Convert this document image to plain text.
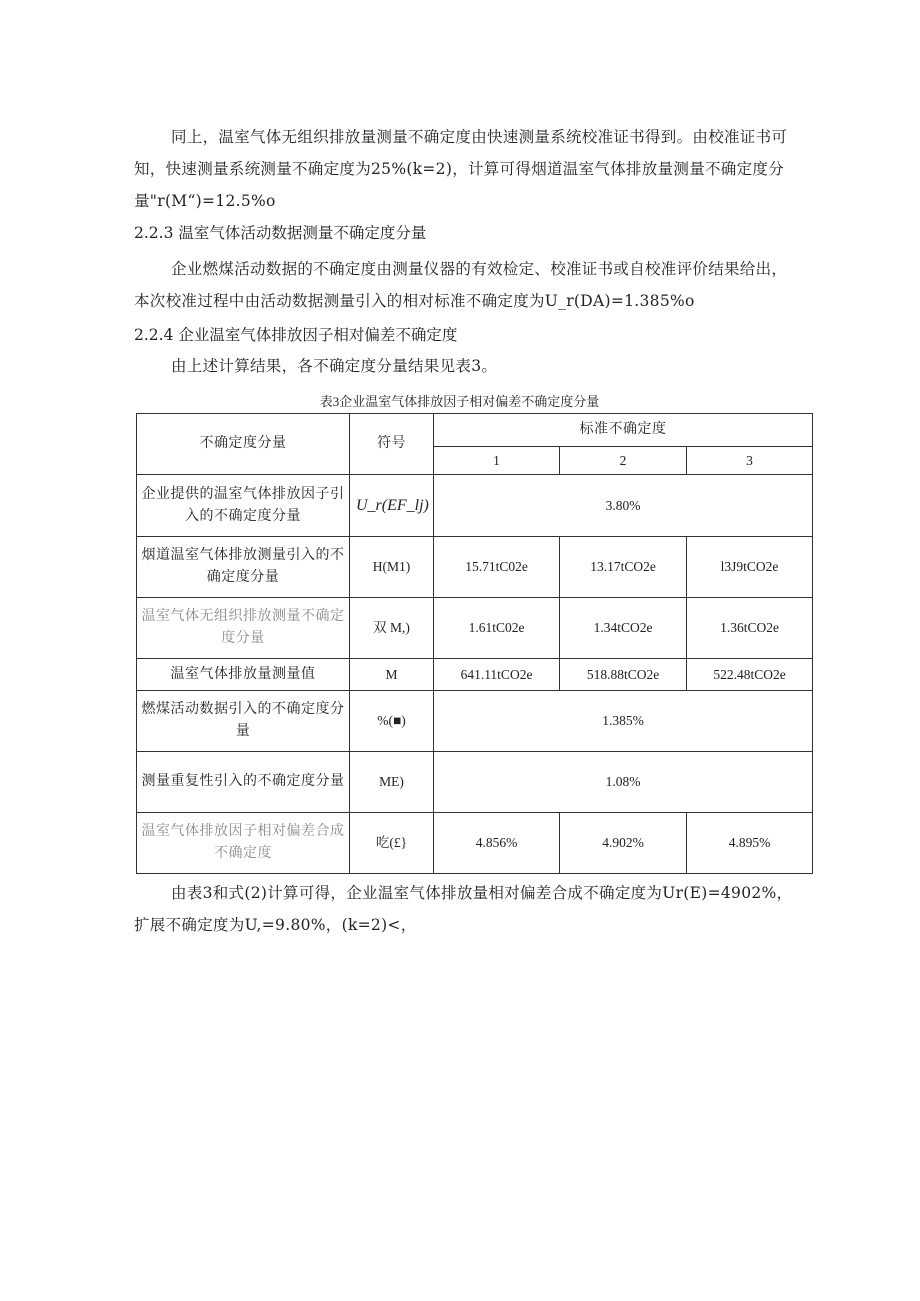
同上，温室气体无组织排放量测量不确定度由快速测量系统校准证书得到。由校准证书可知，快速测量系统测量不确定度为25%(k=2)，计算可得烟道温室气体排放量测量不确定度分量"r(M“)=12.5%o
2.2.3 温室气体活动数据测量不确定度分量
企业燃煤活动数据的不确定度由测量仪器的有效检定、校准证书或自校准评价结果给出，本次校准过程中由活动数据测量引入的相对标准不确定度为U_r(DA)=1.385%o
2.2.4 企业温室气体排放因子相对偏差不确定度
由上述计算结果，各不确定度分量结果见表3。
表3企业温室气体排放因子相对偏差不确定度分量
不确定度分量	符号	标准不确定度		
		1	2	3
企业提供的温室气体排放因子引入的不确定度分量	U_r(EF_lj)	3.80%		
烟道温室气体排放测量引入的不确定度分量	H(M1)	15.71tC02e	13.17tCO2e	l3J9tCO2e
温室气体无组织排放测量不确定度分量	双 M,)	1.61tC02e	1.34tCO2e	1.36tCO2e
温室气体排放量测量值	M	641.11tCO2e	518.88tCO2e	522.48tCO2e
燃煤活动数据引入的不确定度分量	%(■)	1.385%		
测量重复性引入的不确定度分量	ME)	1.08%		
温室气体排放因子相对偏差合成不确定度	吃(£}	4.856%	4.902%	4.895%
由表3和式(2)计算可得，企业温室气体排放量相对偏差合成不确定度为Ur(E)=4902%，扩展不确定度为U,=9.80%，(k=2)<，
